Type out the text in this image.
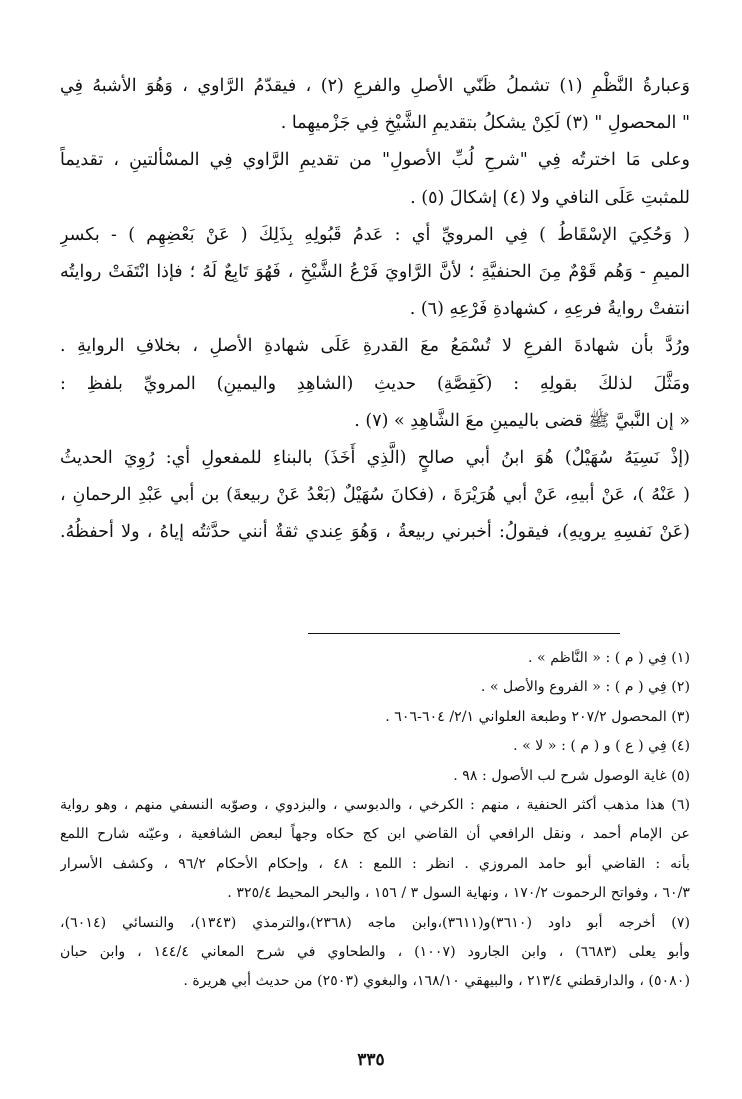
وَعبارةُ النَّظْمِ (١) تشملُ ظَنّي الأصلِ والفرعِ (٢) ، فيقدّمُ الرَّاوي ، وَهُوَ الأشبهُ فِي
" المحصولِ " (٣) لَكِنْ يشكلُ بتقديمِ الشَّيْخِ فِي جَزْميهِما .
وعلى مَا اخترتُه فِي "شرحِ لُبِّ الأصولِ" من تقديمِ الرَّاوي فِي المسْألتينِ ، تقديماً
للمثبتِ عَلَى النافي ولا (٤) إشكالَ (٥) .
( وَحُكِيَ الإسْقَاطُ ) فِي المرويِّ أي : عَدمُ قَبُولِهِ بِذَلِكَ ( عَنْ بَعْضِهِم ) - بكسرِ
الميمِ - وَهُم قَوْمٌ مِنَ الحنفيَّةِ ؛ لأنَّ الرَّاويَ فَرْعُ الشَّيْخِ ، فَهُوَ تَابِعٌ لَهُ ؛ فإذا انْتَفَتْ روايتُه
انتفتْ روايةُ فرعِهِ ، كشهادةِ فَرْعِهِ (٦) .
ورُدَّ بأن شهادةَ الفرعِ لا تُسْمَعُ معَ القدرةِ عَلَى شهادةِ الأصلِ ، بخلافِ الروايةِ .
ومَثَّلَ لذلكَ بقولِهِ : (كَقِصَّةِ) حديثِ (الشاهِدِ واليمينِ) المرويِّ بلفظِ :
« إن النَّبيَّ ﷺ قضى باليمينِ معَ الشَّاهِدِ » (٧) .
(إذْ نَسِيَهُ سُهَيْلٌ) هُوَ ابنُ أبي صالحٍ (الَّذِي أَخَذَ) بالبناءِ للمفعولِ أي: رُوِيَ الحديثُ
( عَنْهُ )، عَنْ أبيهِ، عَنْ أبي هُرَيْرَةَ ، (فكانَ سُهَيْلٌ (بَعْدُ عَنْ ربيعةَ) بن أبي عَبْدِ الرحمانِ ،
(عَنْ نَفسِهِ يرويهِ)، فيقولُ: أخبرني ربيعةُ ، وَهُوَ عِندي ثقةٌ أنني حدَّثتُه إياهُ ، ولا أحفظُهُ.
(١) فِي ( م ) : « النَّاظم » .
(٢) فِي ( م ) : « الفروع والأصل » .
(٣) المحصول ٢٠٧/٢ وطبعة العلواني ٢/١/ ٦٠٤-٦٠٦ .
(٤) فِي ( ع ) و ( م ) : « لا » .
(٥) غاية الوصول شرح لب الأصول : ٩٨ .
(٦) هذا مذهب أكثر الحنفية ، منهم : الكرخي ، والدبوسي ، والبزدوي ، وصوّبه النسفي منهم ، وهو رواية
عن الإمام أحمد ، ونقل الرافعي أن القاضي ابن كج حكاه وجهاً لبعض الشافعية ، وعيّنه شارح اللمع
بأنه : القاضي أبو حامد المروزي . انظر : اللمع : ٤٨ ، وإحكام الأحكام ٩٦/٢ ، وكشف الأسرار
٦٠/٣ ، وفواتح الرحموت ١٧٠/٢ ، ونهاية السول ٣ / ١٥٦ ، والبحر المحيط ٣٢٥/٤ .
(٧) أخرجه أبو داود (٣٦١٠)و(٣٦١١)،وابن ماجه (٢٣٦٨)،والترمذي (١٣٤٣)، والنسائي (٦٠١٤)،
وأبو يعلى (٦٦٨٣) ، وابن الجارود (١٠٠٧) ، والطحاوي في شرح المعاني ١٤٤/٤ ، وابن حبان
(٥٠٨٠) ، والدارقطني ٢١٣/٤ ، والبيهقي ١٦٨/١٠، والبغوي (٢٥٠٣) من حديث أبي هريرة .
٣٣٥
